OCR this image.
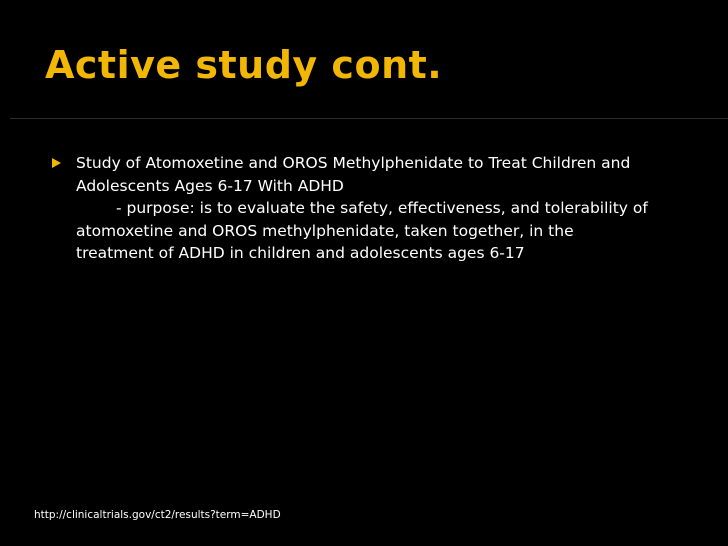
Active study cont.
Study of Atomoxetine and OROS Methylphenidate to Treat Children and
Adolescents Ages 6-17 With ADHD
- purpose: is to evaluate the safety, effectiveness, and tolerability of
atomoxetine and OROS methylphenidate, taken together, in the
treatment of ADHD in children and adolescents ages 6-17
http://clinicaltrials.gov/ct2/results?term=ADHD
